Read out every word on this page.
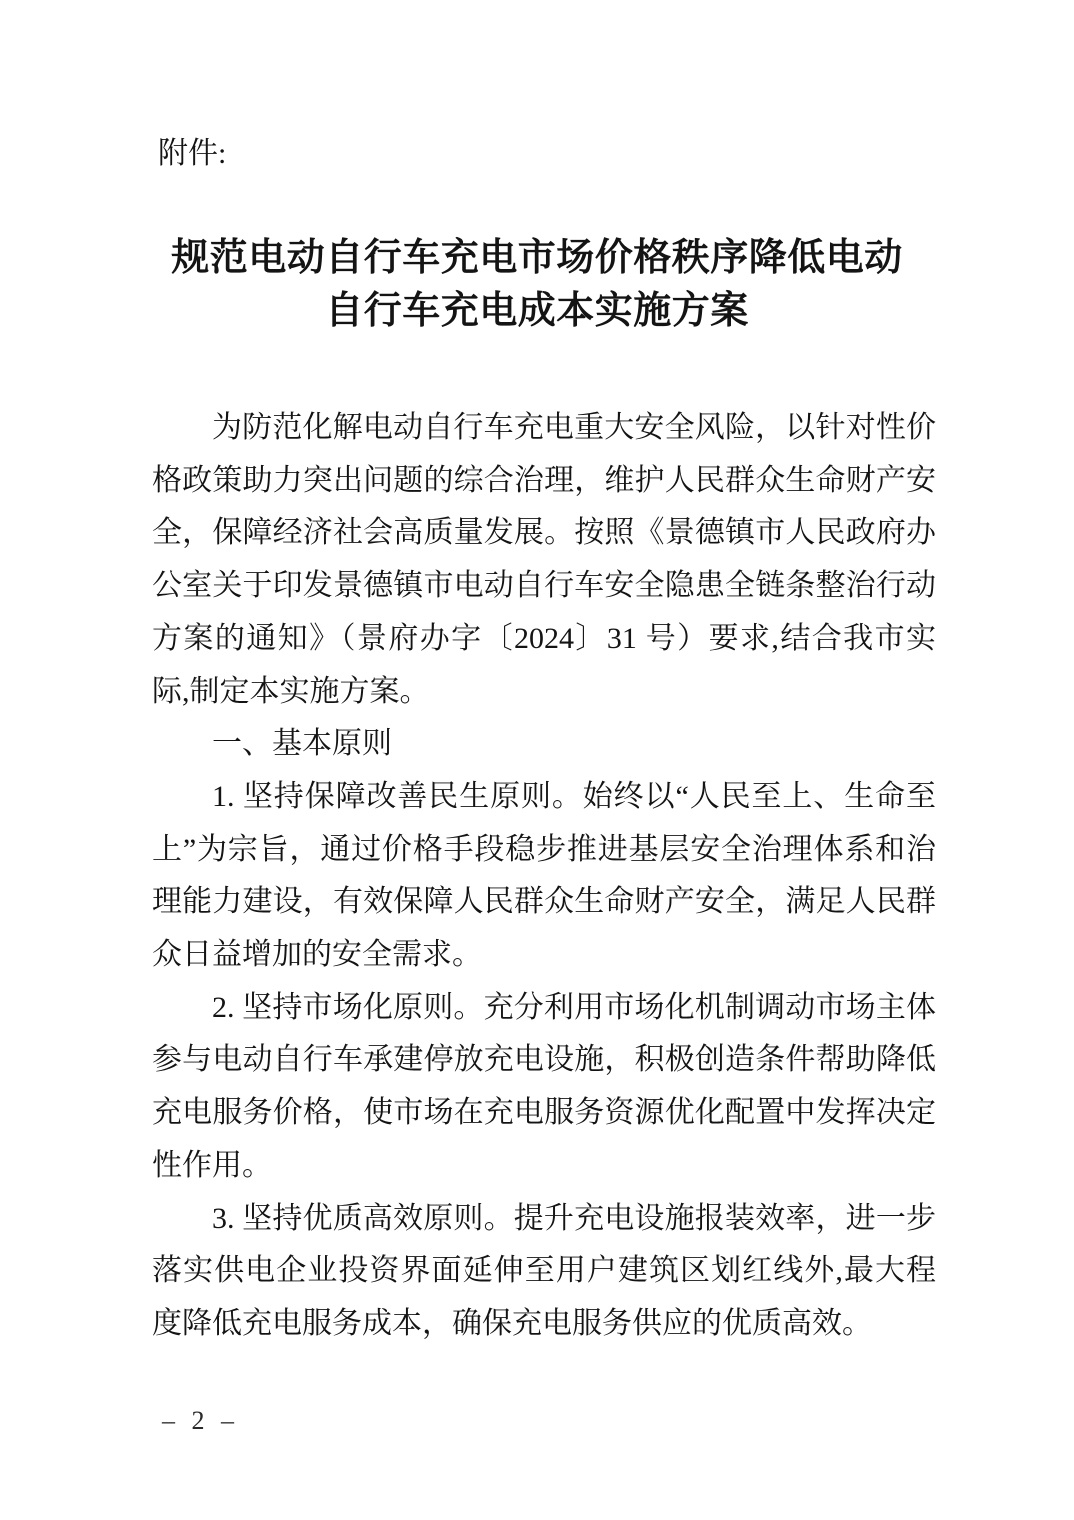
附件:
规范电动自行车充电市场价格秩序降低电动
自行车充电成本实施方案

为防范化解电动自行车充电重大安全风险，以针对性价格政策助力突出问题的综合治理，维护人民群众生命财产安全，保障经济社会高质量发展。按照《景德镇市人民政府办公室关于印发景德镇市电动自行车安全隐患全链条整治行动方案的通知》（景府办字〔2024〕31 号）要求,结合我市实际,制定本实施方案。

一、基本原则

1. 坚持保障改善民生原则。始终以“人民至上、生命至上”为宗旨，通过价格手段稳步推进基层安全治理体系和治理能力建设，有效保障人民群众生命财产安全，满足人民群众日益增加的安全需求。

2. 坚持市场化原则。充分利用市场化机制调动市场主体参与电动自行车承建停放充电设施，积极创造条件帮助降低充电服务价格，使市场在充电服务资源优化配置中发挥决定性作用。

3. 坚持优质高效原则。提升充电设施报装效率，进一步落实供电企业投资界面延伸至用户建筑区划红线外,最大程度降低充电服务成本，确保充电服务供应的优质高效。

– 2 –
